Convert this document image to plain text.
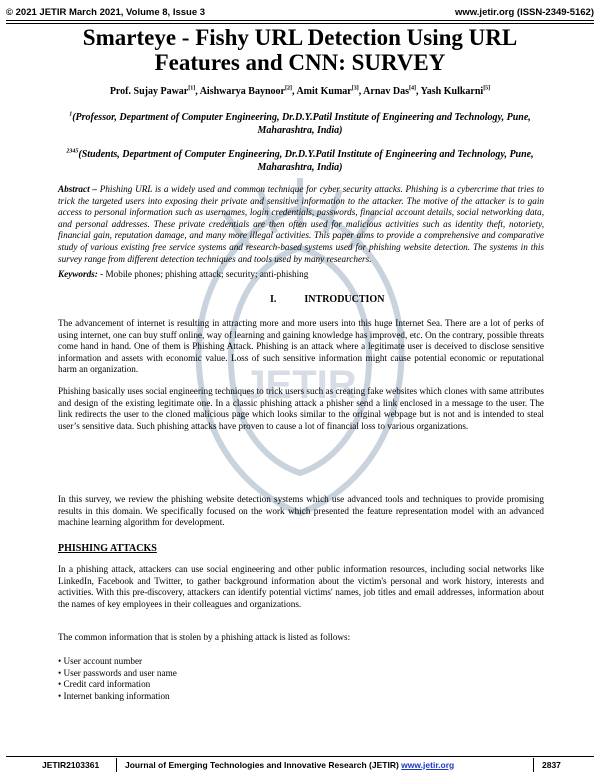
JETIR
© 2021 JETIR March 2021, Volume 8, Issue 3	www.jetir.org (ISSN-2349-5162)
Smarteye - Fishy URL Detection Using URL
Features and CNN: SURVEY
Prof. Sujay Pawar[1], Aishwarya Baynoor[2], Amit Kumar[3], Arnav Das[4], Yash Kulkarni[5]
$^1$(Professor, Department of Computer Engineering, Dr.D.Y.Patil Institute of Engineering and Technology, Pune, Maharashtra, India)
$^{2345}$(Students, Department of Computer Engineering, Dr.D.Y.Patil Institute of Engineering and Technology, Pune, Maharashtra, India)
Abstract – Phishing URL is a widely used and common technique for cyber security attacks. Phishing is a cybercrime that tries to trick the targeted users into exposing their private and sensitive information to the attacker. The motive of the attacker is to gain access to personal information such as usernames, login credentials, passwords, financial account details, social networking data, and personal addresses. These private credentials are then often used for malicious activities such as identity theft, notoriety, financial gain, reputation damage, and many more illegal activities. This paper aims to provide a comprehensive and comparative study of various existing free service systems and research-based systems used for phishing website detection. The systems in this survey range from different detection techniques and tools used by many researchers.
Keywords: - Mobile phones; phishing attack; security; anti-phishing
I.	INTRODUCTION

The advancement of internet is resulting in attracting more and more users into this huge Internet Sea. There are a lot of perks of using internet, one can buy stuff online, way of learning and gaining knowledge has improved, etc. On the contrary, possible threats come hand in hand. One of them is Phishing Attack. Phishing is an attack where a legitimate user is deceived to disclose sensitive information and assets with economic value. Loss of such sensitive information might cause potential economic or reputational harm an organization.

Phishing basically uses social engineering techniques to trick users such as creating fake websites which clones with same attributes and design of the existing legitimate one. In a classic phishing attack a phisher send a link enclosed in a message to the user. The link redirects the user to the cloned malicious page which looks similar to the original webpage but is not and is intended to steal user’s sensitive data. Such phishing attacks have proven to cause a lot of financial loss to various organizations.

In this survey, we review the phishing website detection systems which use advanced tools and techniques to provide promising results in this domain. We specifically focused on the work which presented the feature representation model with an advanced machine learning algorithm for development.

PHISHING ATTACKS

In a phishing attack, attackers can use social engineering and other public information resources, including social networks like LinkedIn, Facebook and Twitter, to gather background information about the victim's personal and work history, interests and activities. With this pre-discovery, attackers can identify potential victims' names, job titles and email addresses, information about the names of key employees in their colleagues and organizations.

The common information that is stolen by a phishing attack is listed as follows:

• User account number
• User passwords and user name
• Credit card information
• Internet banking information
JETIR2103361	Journal of Emerging Technologies and Innovative Research (JETIR) www.jetir.org	2837
